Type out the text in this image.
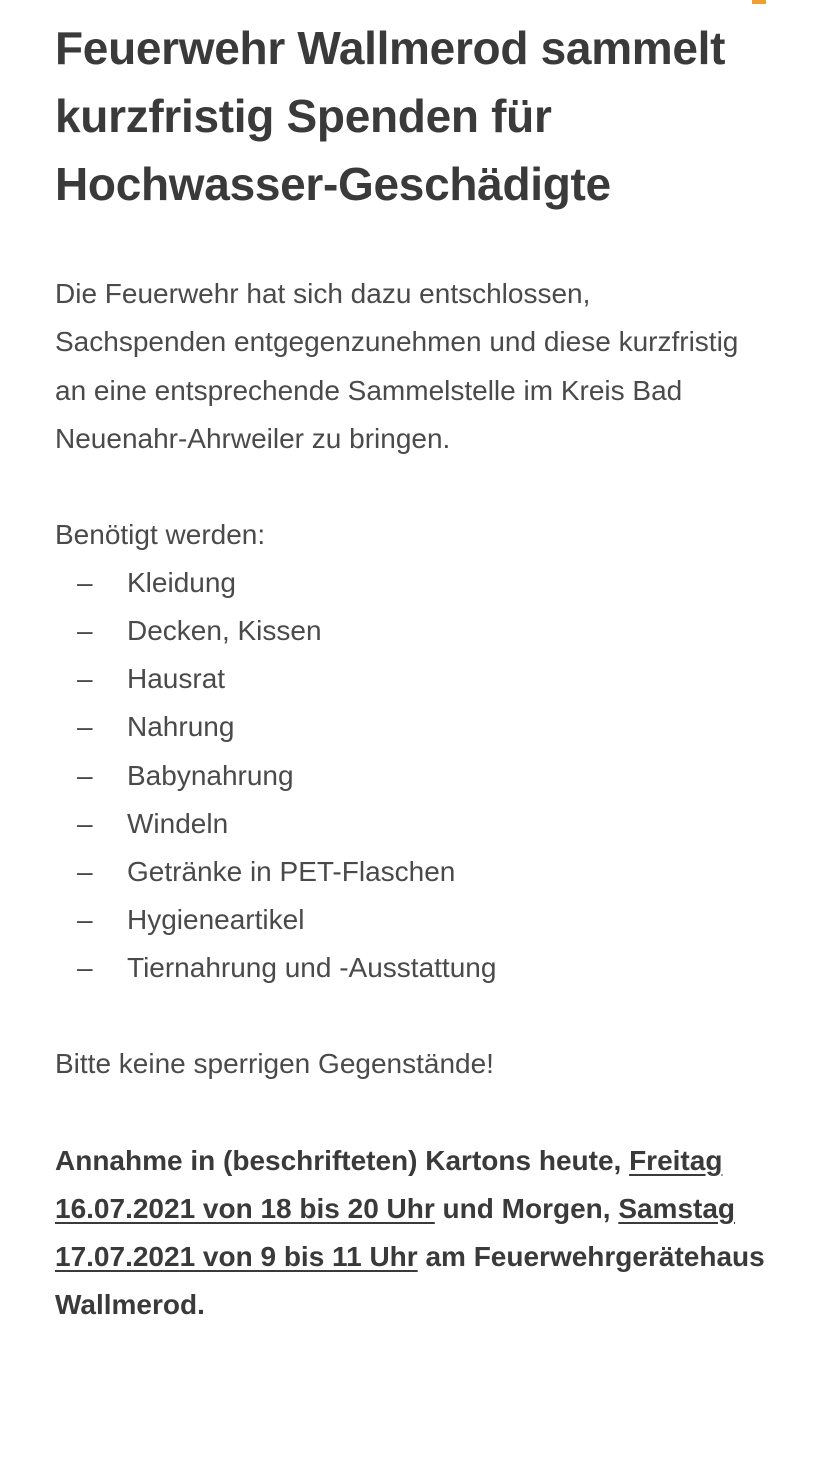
Feuerwehr Wallmerod sammelt kurzfristig Spenden für Hochwasser-Geschädigte

Die Feuerwehr hat sich dazu entschlossen, Sachspenden entgegenzunehmen und diese kurzfristig an eine entsprechende Sammelstelle im Kreis Bad Neuenahr-Ahrweiler zu bringen.

Benötigt werden:

– Kleidung
– Decken, Kissen
– Hausrat
– Nahrung
– Babynahrung
– Windeln
– Getränke in PET-Flaschen
– Hygieneartikel
– Tiernahrung und -Ausstattung

Bitte keine sperrigen Gegenstände!

Annahme in (beschrifteten) Kartons heute, Freitag 16.07.2021 von 18 bis 20 Uhr und Morgen, Samstag 17.07.2021 von 9 bis 11 Uhr am Feuerwehrgerätehaus Wallmerod.
